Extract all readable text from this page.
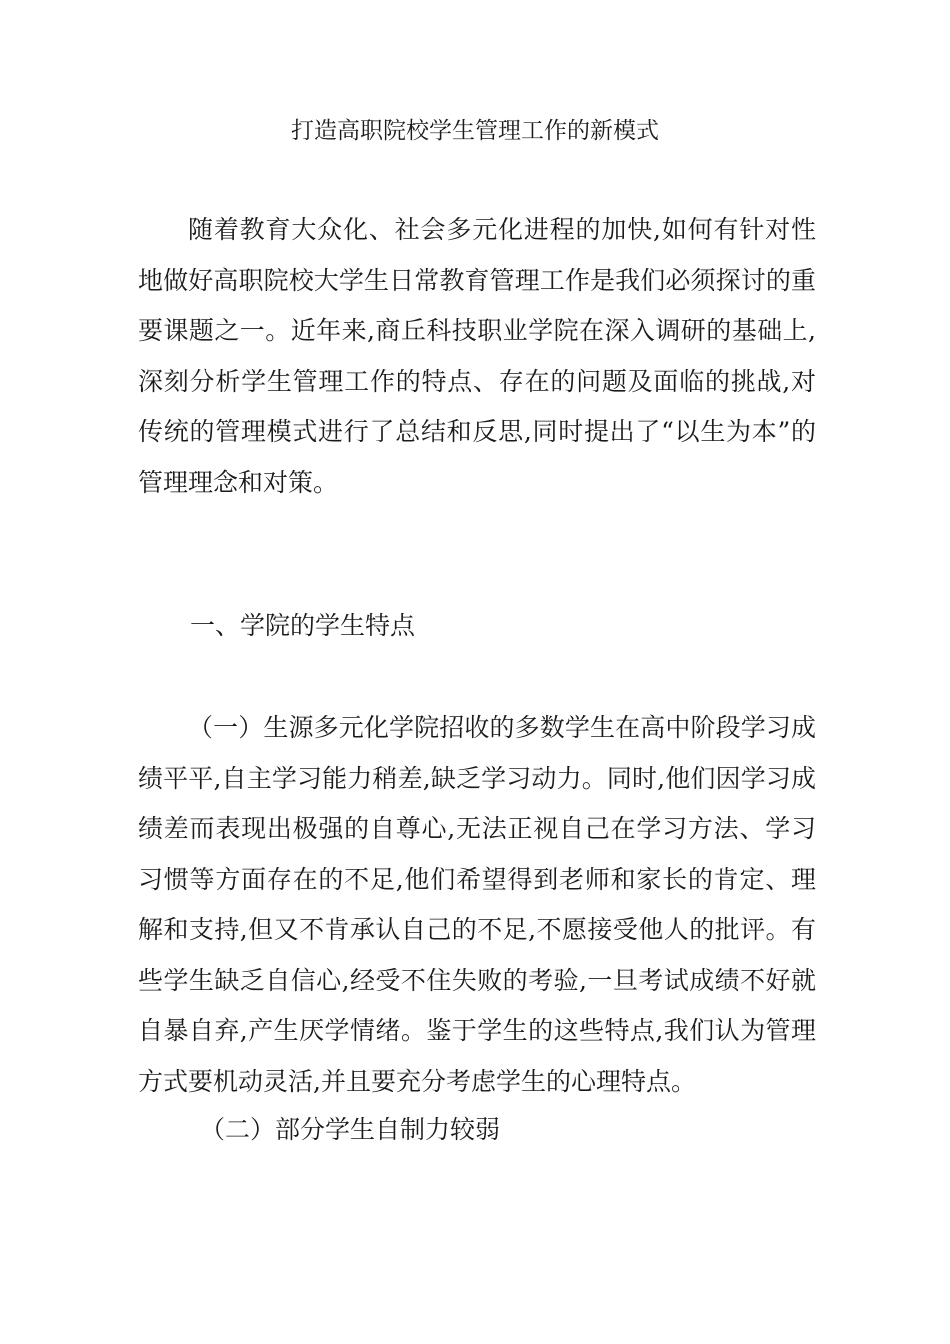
打造高职院校学生管理工作的新模式

随着教育大众化、社会多元化进程的加快,如何有针对性地做好高职院校大学生日常教育管理工作是我们必须探讨的重要课题之一。近年来,商丘科技职业学院在深入调研的基础上,深刻分析学生管理工作的特点、存在的问题及面临的挑战,对传统的管理模式进行了总结和反思,同时提出了“以生为本”的管理理念和对策。

一、学院的学生特点

（一）生源多元化学院招收的多数学生在高中阶段学习成绩平平,自主学习能力稍差,缺乏学习动力。同时,他们因学习成绩差而表现出极强的自尊心,无法正视自己在学习方法、学习习惯等方面存在的不足,他们希望得到老师和家长的肯定、理解和支持,但又不肯承认自己的不足,不愿接受他人的批评。有些学生缺乏自信心,经受不住失败的考验,一旦考试成绩不好就自暴自弃,产生厌学情绪。鉴于学生的这些特点,我们认为管理方式要机动灵活,并且要充分考虑学生的心理特点。

（二）部分学生自制力较弱
